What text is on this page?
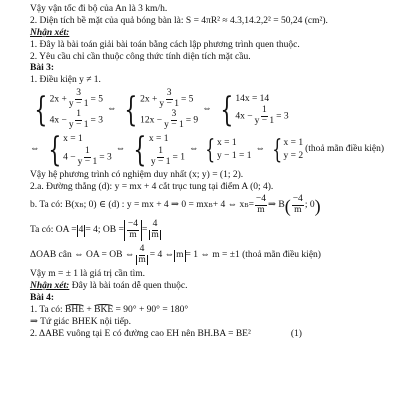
Vậy vận tốc đi bộ của An là 3 km/h.
2. Diện tích bề mặt của quả bóng bàn là: S = 4πR² ≈ 4.3,14.2,2² = 50,24 (cm²).
Nhận xét:
1. Đây là bài toán giải bài toán bằng cách lập phương trình quen thuộc.
2. Yêu cầu chỉ cần thuộc công thức tính diện tích mặt cầu.
Bài 3:
1. Điều kiện y ≠ 1.
{ $2x + \frac{3}{y - 1} = 5$
$4x - \frac{1}{y - 1} = 3$
⇔ { $2x + \frac{3}{y - 1} = 5$
$12x - \frac{3}{y - 1} = 9$
⇔ { 14x = 14
$4x - \frac{1}{y - 1} = 3$
⇔ { x = 1
$4 - \frac{1}{y - 1} = 3$
⇔ { x = 1
$\frac{1}{y - 1} = 1$
⇔ { x = 1
y − 1 = 1
⇔ { x = 1
y = 2
(thoả mãn điều kiện)
Vậy hệ phương trình có nghiệm duy nhất (x; y) = (1; 2).
2.a. Đường thẳng (d): y = mx + 4 cắt trục tung tại điểm A (0; 4).
b. Ta có: B(x B ; 0) ∈ (d) : y = mx + 4 ⇒ 0 = mx B + 4 ⇔ x $B = \frac{-4}{m}$ ⇒ B ( $\frac{-4}{m}$ ; 0 )
Ta có: OA = 4 = 4; OB = $\frac{-4}{m} = \frac{4}{m}$
ΔOAB cân ⇔ OA = OB ⇔ $\frac{4}{m} = 4$ ⇔ m = 1 ⇔ m = ±1 (thoả mãn điều kiện)
Vậy m = ± 1 là giá trị cần tìm.
Nhận xét: Đây là bài toán dễ quen thuộc.
Bài 4:
1. Ta có: BHE + BKE = 90° + 90° = 180°
⇒ Tứ giác BHEK nội tiếp.
2. ΔABE vuông tại E có đường cao EH nên BH.BA = BE²	(1)
